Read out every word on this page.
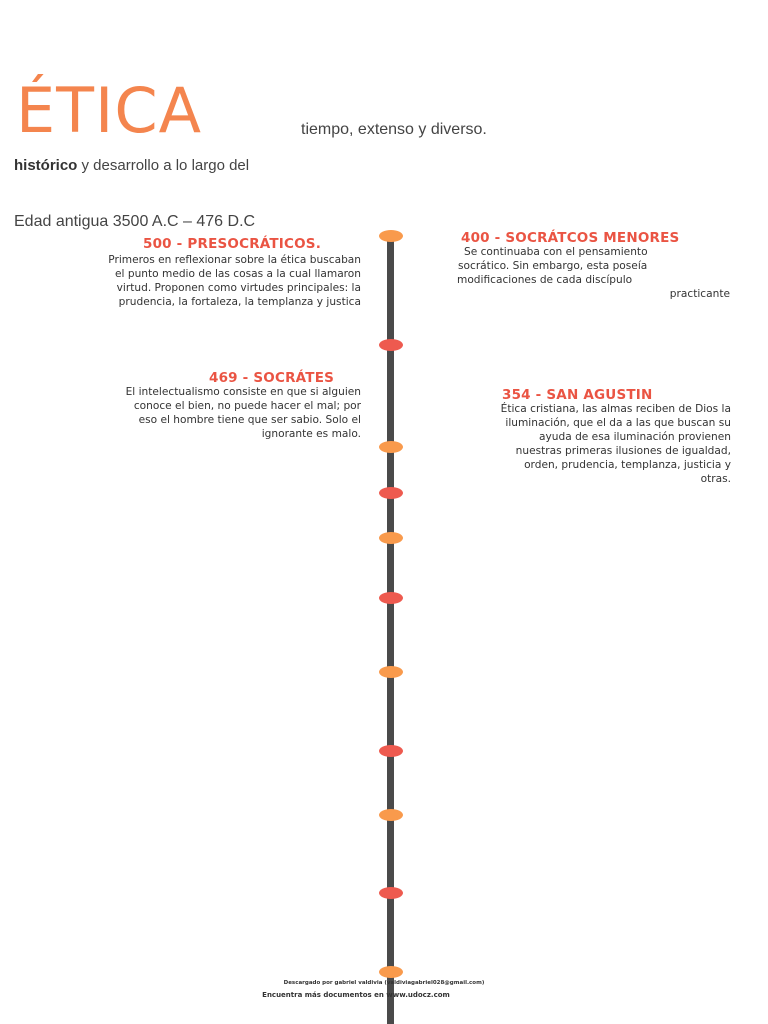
ÉTICA	tiempo, extenso y diverso.
histórico y desarrollo a lo largo del
Edad antigua 3500 A.C – 476 D.C
500 - PRESOCRÁTICOS.
Primeros en reflexionar sobre la ética buscaban
el punto medio de las cosas a la cual llamaron
virtud. Proponen como virtudes principales: la
prudencia, la fortaleza, la templanza y justica
400 - SOCRÁTCOS MENORES
Se continuaba con el pensamiento
socrático. Sin embargo, esta poseía
modificaciones de cada discípulo
practicante
469 - SOCRÁTES
El intelectualismo consiste en que si alguien
conoce el bien, no puede hacer el mal; por
eso el hombre tiene que ser sabio. Solo el
ignorante es malo.
354 - SAN AGUSTIN
Ética cristiana, las almas reciben de Dios la
iluminación, que el da a las que buscan su
ayuda de esa iluminación provienen
nuestras primeras ilusiones de igualdad,
orden, prudencia, templanza, justicia y
otras.
Descargado por gabriel valdivia (valdiviagabriel028@gmail.com)
Encuentra más documentos en www.udocz.com
